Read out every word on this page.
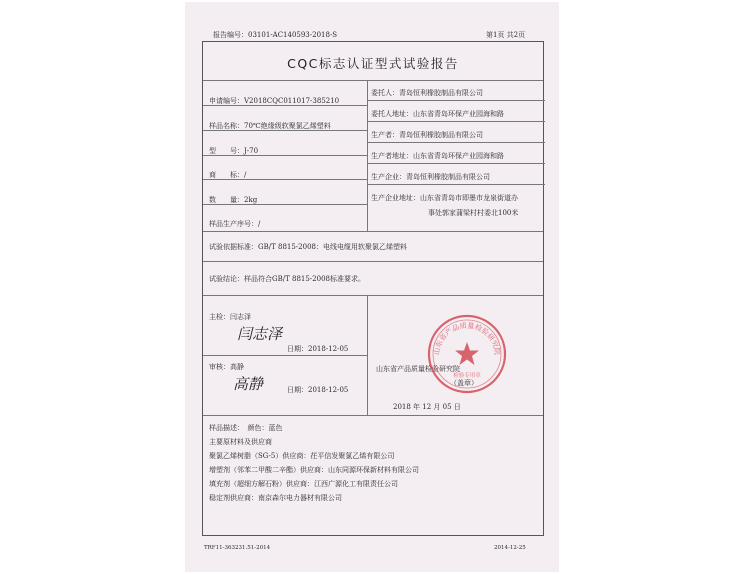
报告编号：03101-AC140593-2018-S	第1页 共2页
CQC标志认证型式试验报告
申请编号：V2018CQC011017-385210
样品名称：70℃绝缘级软聚氯乙烯塑料
型　　号：J-70
商　　标：/
数　　量：2kg
样品生产序号：/
委托人：青岛恒利橡胶制品有限公司
委托人地址：山东省青岛环保产业园海和路
生产者：青岛恒利橡胶制品有限公司
生产者地址：山东省青岛环保产业园海和路
生产企业：青岛恒利橡胶制品有限公司
生产企业地址：山东省青岛市即墨市龙泉街道办
事处郭家蒲梁村村委北100米
试验依据标准：GB/T 8815-2008：电线电缆用软聚氯乙烯塑料
试验结论：样品符合GB/T 8815-2008标准要求。
主检：闫志泽
闫志泽
日期：2018-12-05
审核：高静
高静	日期：2018-12-05
山东省产品质量检验研究院
（盖章）
2018 年 12 月 05 日
山东省产品质量检验研究院
检验专用章
样品描述：　颜色：蓝色
主要原材料及供应商
聚氯乙烯树脂（SG-5）供应商：茌平信发聚氯乙烯有限公司
增塑剂（邻苯二甲酸二辛酯）供应商：山东同源环保新材料有限公司
填充剂（超细方解石粉）供应商：江西广源化工有限责任公司
稳定剂供应商：南京森尔电力器材有限公司
TRF11-363231.51-2014	2014-12-25
